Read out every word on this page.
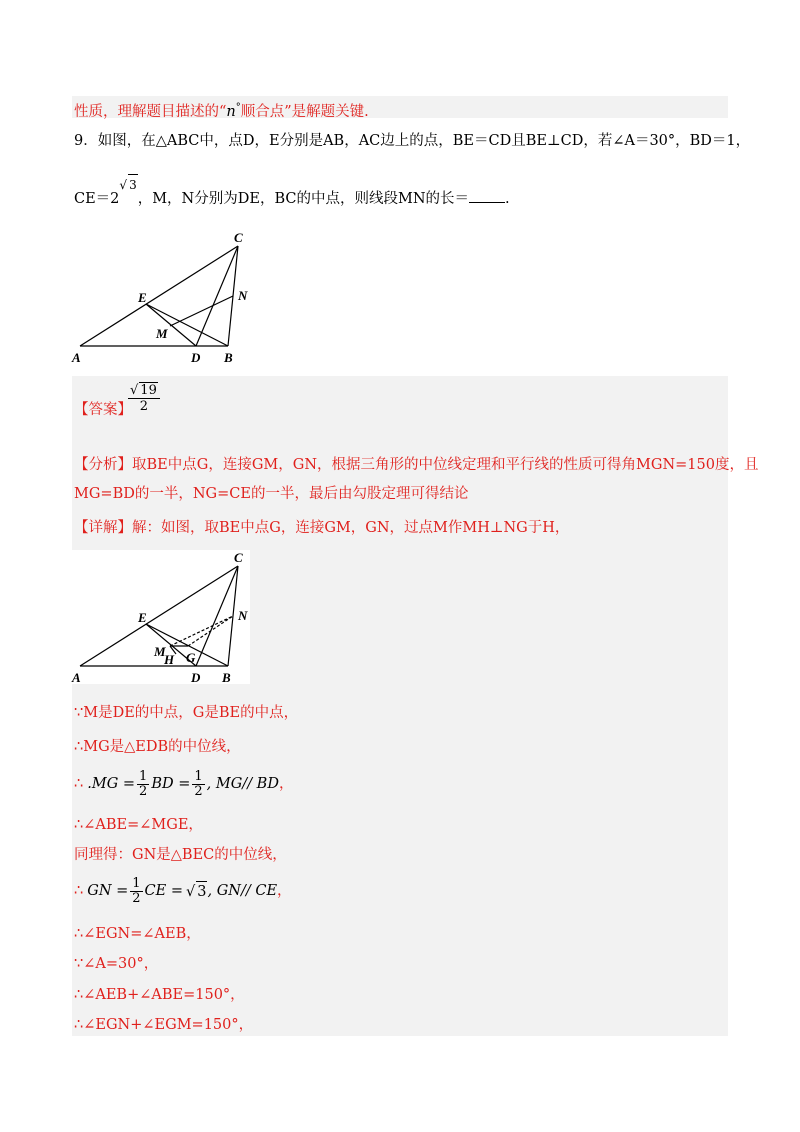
性质，理解题目描述的“n°顺合点”是解题关键.
9．如图，在△ABC中，点D，E分别是AB，AC边上的点，BE＝CD且BE⊥CD，若∠A＝30°，BD＝1，
$CE=2^{√ 3}$，M，N分别为DE，BC的中点，则线段MN的长＝ .
A	B
C
D
E
M
N
【答案】
√ 19
2
【分析】取BE中点G，连接GM，GN，根据三角形的中位线定理和平行线的性质可得角MGN=150度，且
MG=BD的一半，NG=CE的一半，最后由勾股定理可得结论
【详解】解：如图，取BE中点G，连接GM，GN，过点M作MH⊥NG于H，
A	B
C
D
E
M
H G
N
∵M是DE的中点，G是BE的中点，
∴MG是△EDB的中位线，
∴ $.MG = \frac{1}{2}$ BD = $\frac{1}{2}$ , MG// BD ，
∴∠ABE=∠MGE，
同理得：GN是△BEC的中位线，
∴ GN = $\frac{1}{2}$ CE = √ 3 , GN// CE ，
∴∠EGN=∠AEB，
∵∠A=30°，
∴∠AEB+∠ABE=150°，
∴∠EGN+∠EGM=150°，
